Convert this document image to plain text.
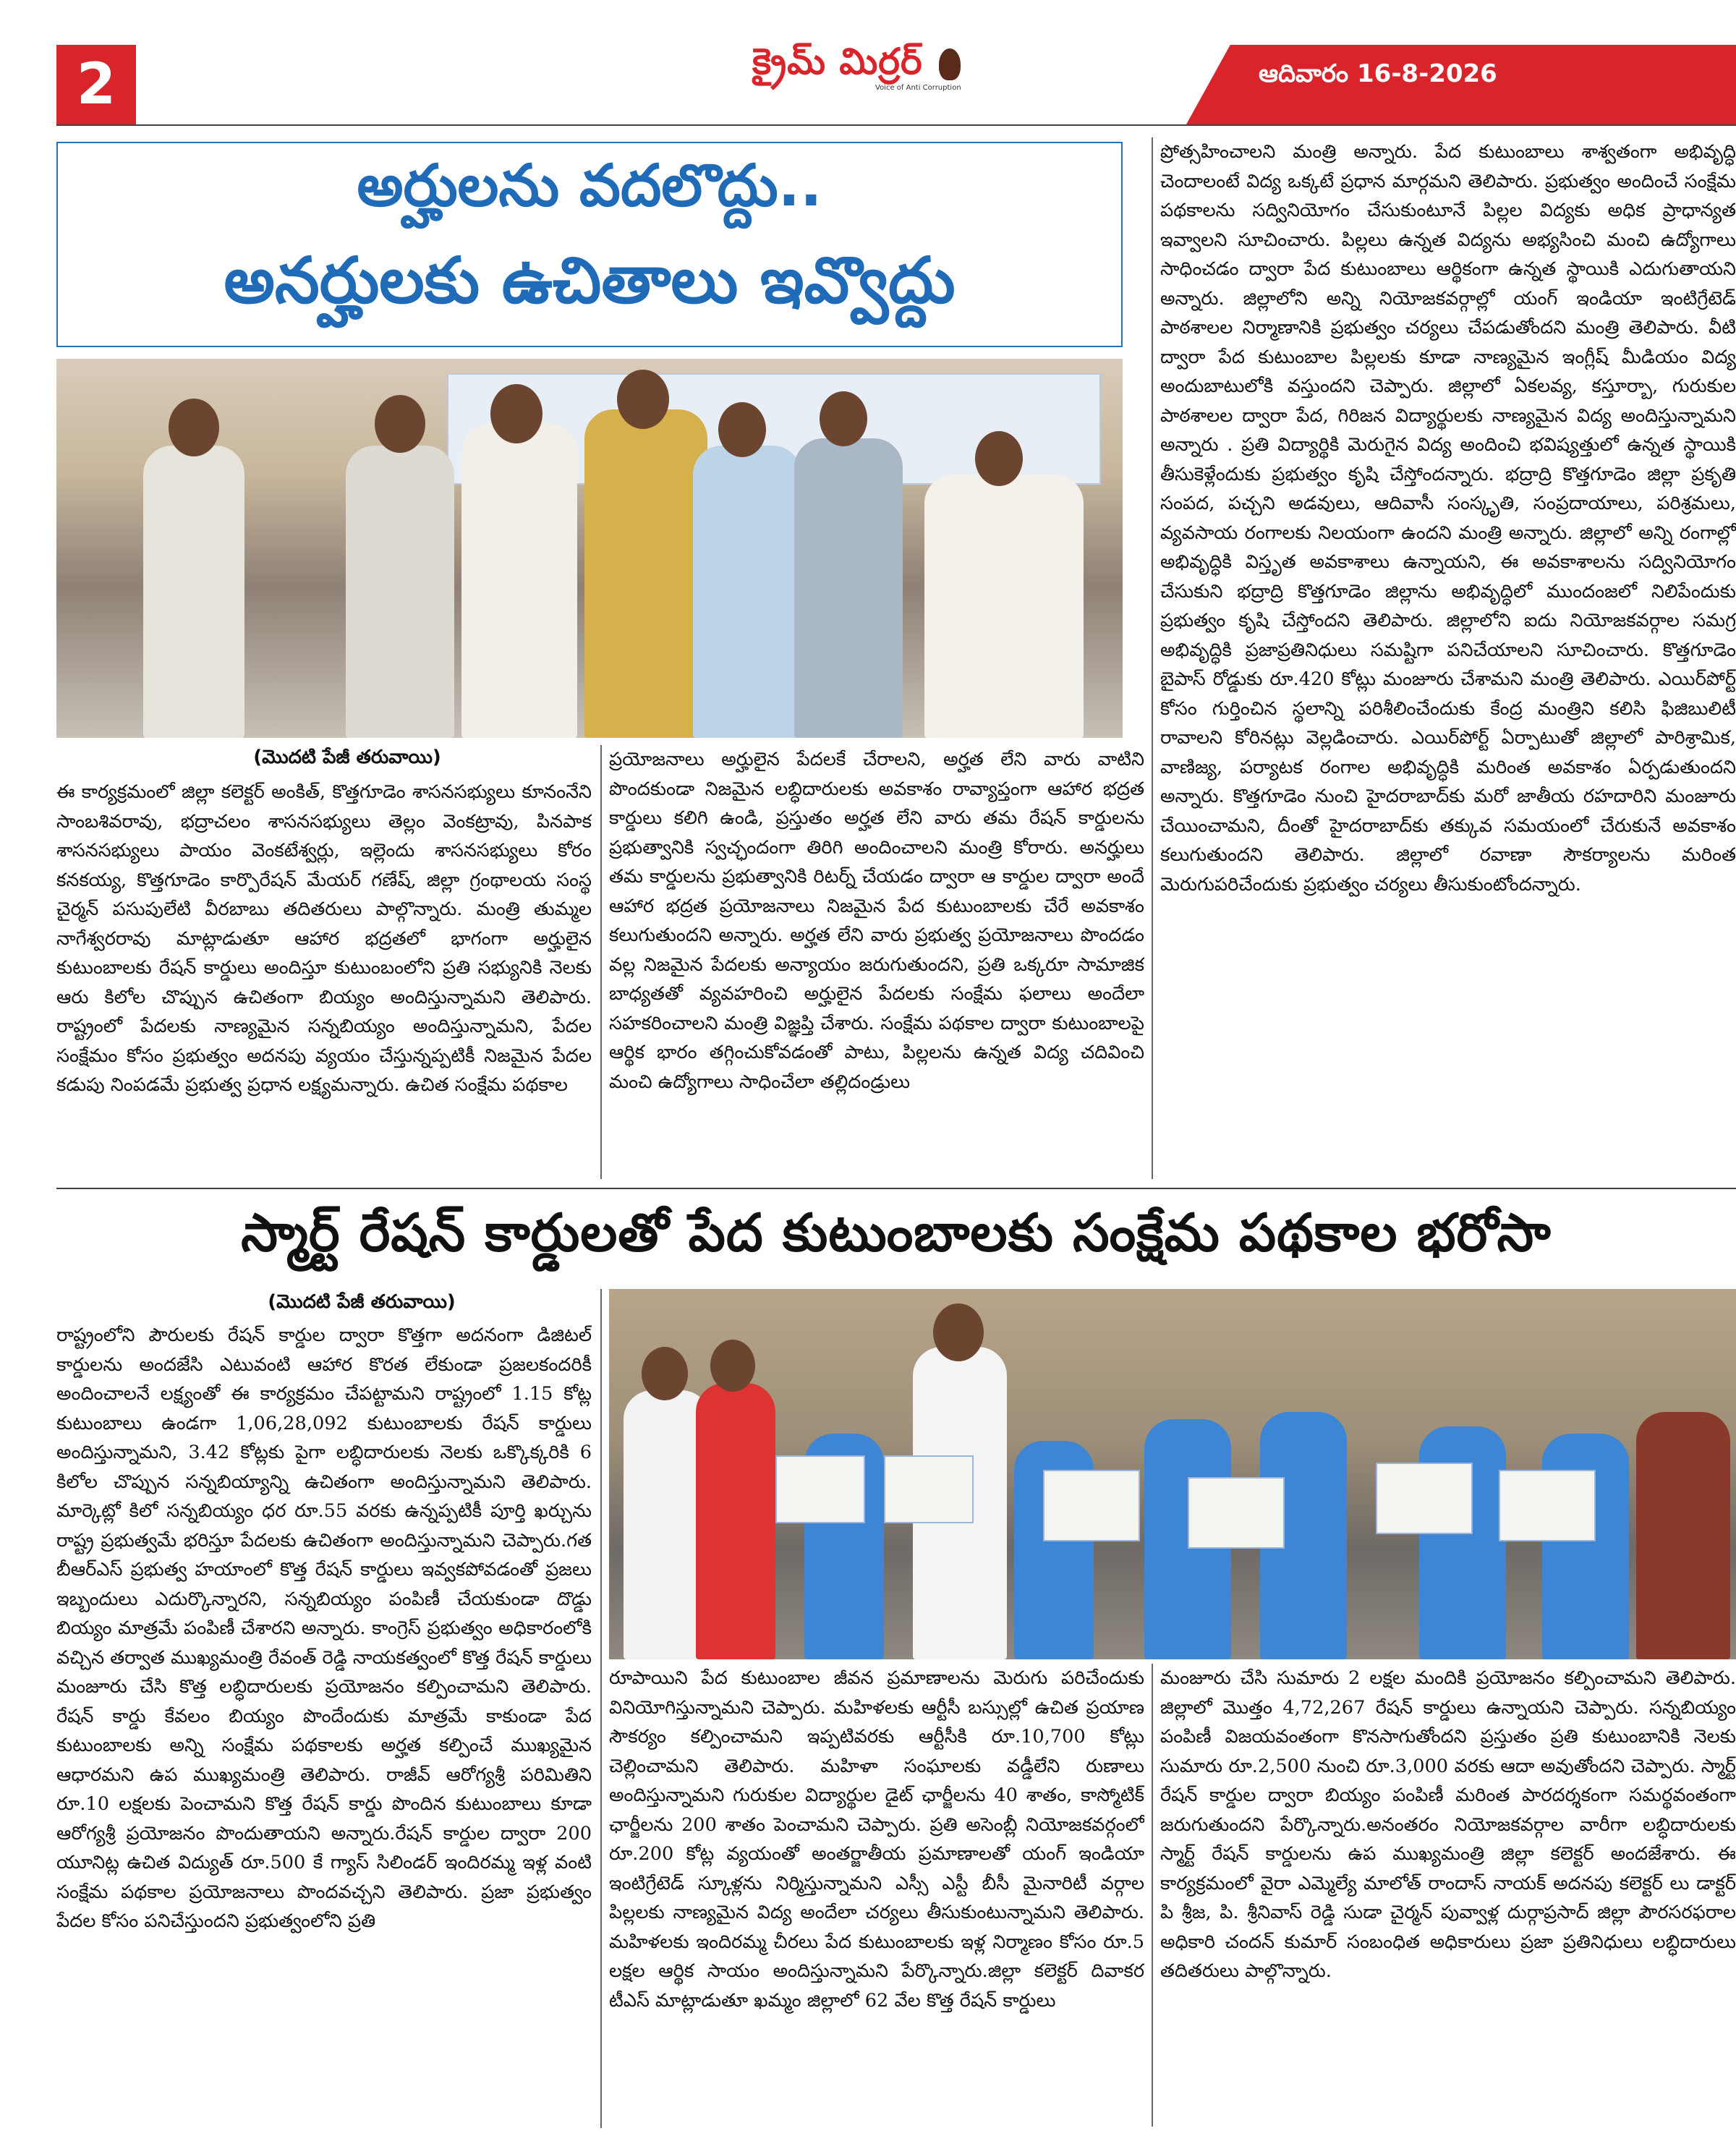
2	క్రైమ్ మిర్రర్
Voice of Anti Corruption	ఆదివారం 16-8-2026
అర్హులను వదలొద్దు..
అనర్హులకు ఉచితాలు ఇవ్వొద్దు
(మొదటి పేజీ తరువాయి)

ఈ కార్యక్రమంలో జిల్లా కలెక్టర్ అంకిత్, కొత్తగూడెం శాసనసభ్యులు కూనంనేని సాంబశివరావు, భద్రాచలం శాసనసభ్యులు తెల్లం వెంకట్రావు, పినపాక శాసనసభ్యులు పాయం వెంకటేశ్వర్లు, ఇల్లెందు శాసనసభ్యులు కోరం కనకయ్య, కొత్తగూడెం కార్పొరేషన్ మేయర్ గణేష్, జిల్లా గ్రంథాలయ సంస్థ చైర్మన్ పసుపులేటి వీరబాబు తదితరులు పాల్గొన్నారు. మంత్రి తుమ్మల నాగేశ్వరరావు మాట్లాడుతూ ఆహార భద్రతలో భాగంగా అర్హులైన కుటుంబాలకు రేషన్ కార్డులు అందిస్తూ కుటుంబంలోని ప్రతి సభ్యునికి నెలకు ఆరు కిలోల చొప్పున ఉచితంగా బియ్యం అందిస్తున్నామని తెలిపారు. రాష్ట్రంలో పేదలకు నాణ్యమైన సన్నబియ్యం అందిస్తున్నామని, పేదల సంక్షేమం కోసం ప్రభుత్వం అదనపు వ్యయం చేస్తున్నప్పటికీ నిజమైన పేదల కడుపు నింపడమే ప్రభుత్వ ప్రధాన లక్ష్యమన్నారు. ఉచిత సంక్షేమ పథకాల

ప్రయోజనాలు అర్హులైన పేదలకే చేరాలని, అర్హత లేని వారు వాటిని పొందకుండా నిజమైన లబ్ధిదారులకు అవకాశం రావ్యాప్తంగా ఆహార భద్రత కార్డులు కలిగి ఉండి, ప్రస్తుతం అర్హత లేని వారు తమ రేషన్ కార్డులను ప్రభుత్వానికి స్వచ్ఛందంగా తిరిగి అందించాలని మంత్రి కోరారు. అనర్హులు తమ కార్డులను ప్రభుత్వానికి రిటర్న్ చేయడం ద్వారా ఆ కార్డుల ద్వారా అందే ఆహార భద్రత ప్రయోజనాలు నిజమైన పేద కుటుంబాలకు చేరే అవకాశం కలుగుతుందని అన్నారు. అర్హత లేని వారు ప్రభుత్వ ప్రయోజనాలు పొందడం వల్ల నిజమైన పేదలకు అన్యాయం జరుగుతుందని, ప్రతి ఒక్కరూ సామాజిక బాధ్యతతో వ్యవహరించి అర్హులైన పేదలకు సంక్షేమ ఫలాలు అందేలా సహకరించాలని మంత్రి విజ్ఞప్తి చేశారు. సంక్షేమ పథకాల ద్వారా కుటుంబాలపై ఆర్థిక భారం తగ్గించుకోవడంతో పాటు, పిల్లలను ఉన్నత విద్య చదివించి మంచి ఉద్యోగాలు సాధించేలా తల్లిదండ్రులు

ప్రోత్సహించాలని మంత్రి అన్నారు. పేద కుటుంబాలు శాశ్వతంగా అభివృద్ధి చెందాలంటే విద్య ఒక్కటే ప్రధాన మార్గమని తెలిపారు. ప్రభుత్వం అందించే సంక్షేమ పథకాలను సద్వినియోగం చేసుకుంటూనే పిల్లల విద్యకు అధిక ప్రాధాన్యత ఇవ్వాలని సూచించారు. పిల్లలు ఉన్నత విద్యను అభ్యసించి మంచి ఉద్యోగాలు సాధించడం ద్వారా పేద కుటుంబాలు ఆర్థికంగా ఉన్నత స్థాయికి ఎదుగుతాయని అన్నారు. జిల్లాలోని అన్ని నియోజకవర్గాల్లో యంగ్ ఇండియా ఇంటిగ్రేటెడ్ పాఠశాలల నిర్మాణానికి ప్రభుత్వం చర్యలు చేపడుతోందని మంత్రి తెలిపారు. వీటి ద్వారా పేద కుటుంబాల పిల్లలకు కూడా నాణ్యమైన ఇంగ్లీష్ మీడియం విద్య అందుబాటులోకి వస్తుందని చెప్పారు. జిల్లాలో ఏకలవ్య, కస్తూర్బా, గురుకుల పాఠశాలల ద్వారా పేద, గిరిజన విద్యార్థులకు నాణ్యమైన విద్య అందిస్తున్నామని అన్నారు . ప్రతి విద్యార్థికి మెరుగైన విద్య అందించి భవిష్యత్తులో ఉన్నత స్థాయికి తీసుకెళ్లేందుకు ప్రభుత్వం కృషి చేస్తోందన్నారు. భద్రాద్రి కొత్తగూడెం జిల్లా ప్రకృతి సంపద, పచ్చని అడవులు, ఆదివాసీ సంస్కృతి, సంప్రదాయాలు, పరిశ్రమలు, వ్యవసాయ రంగాలకు నిలయంగా ఉందని మంత్రి అన్నారు. జిల్లాలో అన్ని రంగాల్లో అభివృద్ధికి విస్తృత అవకాశాలు ఉన్నాయని, ఈ అవకాశాలను సద్వినియోగం చేసుకుని భద్రాద్రి కొత్తగూడెం జిల్లాను అభివృద్ధిలో ముందంజలో నిలిపేందుకు ప్రభుత్వం కృషి చేస్తోందని తెలిపారు. జిల్లాలోని ఐదు నియోజకవర్గాల సమగ్ర అభివృద్ధికి ప్రజాప్రతినిధులు సమష్టిగా పనిచేయాలని సూచించారు. కొత్తగూడెం బైపాస్ రోడ్డుకు రూ.420 కోట్లు మంజూరు చేశామని మంత్రి తెలిపారు. ఎయిర్‌పోర్ట్ కోసం గుర్తించిన స్థలాన్ని పరిశీలించేందుకు కేంద్ర మంత్రిని కలిసి ఫిజిబులిటీ రావాలని కోరినట్లు వెల్లడించారు. ఎయిర్‌పోర్ట్ ఏర్పాటుతో జిల్లాలో పారిశ్రామిక, వాణిజ్య, పర్యాటక రంగాల అభివృద్ధికి మరింత అవకాశం ఏర్పడుతుందని అన్నారు. కొత్తగూడెం నుంచి హైదరాబాద్‌కు మరో జాతీయ రహదారిని మంజూరు చేయించామని, దీంతో హైదరాబాద్‌కు తక్కువ సమయంలో చేరుకునే అవకాశం కలుగుతుందని తెలిపారు. జిల్లాలో రవాణా సౌకర్యాలను మరింత మెరుగుపరిచేందుకు ప్రభుత్వం చర్యలు తీసుకుంటోందన్నారు.

స్మార్ట్ రేషన్ కార్డులతో పేద కుటుంబాలకు సంక్షేమ పథకాల భరోసా
(మొదటి పేజీ తరువాయి)

రాష్ట్రంలోని పౌరులకు రేషన్ కార్డుల ద్వారా కొత్తగా అదనంగా డిజిటల్ కార్డులను అందజేసి ఎటువంటి ఆహార కొరత లేకుండా ప్రజలకందరికీ అందించాలనే లక్ష్యంతో ఈ కార్యక్రమం చేపట్టామని రాష్ట్రంలో 1.15 కోట్ల కుటుంబాలు ఉండగా 1,06,28,092 కుటుంబాలకు రేషన్ కార్డులు అందిస్తున్నామని, 3.42 కోట్లకు పైగా లబ్ధిదారులకు నెలకు ఒక్కొక్కరికి 6 కిలోల చొప్పున సన్నబియ్యాన్ని ఉచితంగా అందిస్తున్నామని తెలిపారు. మార్కెట్లో కిలో సన్నబియ్యం ధర రూ.55 వరకు ఉన్నప్పటికీ పూర్తి ఖర్చును రాష్ట్ర ప్రభుత్వమే భరిస్తూ పేదలకు ఉచితంగా అందిస్తున్నామని చెప్పారు.గత బీఆర్ఎస్ ప్రభుత్వ హయాంలో కొత్త రేషన్ కార్డులు ఇవ్వకపోవడంతో ప్రజలు ఇబ్బందులు ఎదుర్కొన్నారని, సన్నబియ్యం పంపిణీ చేయకుండా దొడ్డు బియ్యం మాత్రమే పంపిణీ చేశారని అన్నారు. కాంగ్రెస్ ప్రభుత్వం అధికారంలోకి వచ్చిన తర్వాత ముఖ్యమంత్రి రేవంత్ రెడ్డి నాయకత్వంలో కొత్త రేషన్ కార్డులు మంజూరు చేసి కొత్త లబ్ధిదారులకు ప్రయోజనం కల్పించామని తెలిపారు. రేషన్ కార్డు కేవలం బియ్యం పొందేందుకు మాత్రమే కాకుండా పేద కుటుంబాలకు అన్ని సంక్షేమ పథకాలకు అర్హత కల్పించే ముఖ్యమైన ఆధారమని ఉప ముఖ్యమంత్రి తెలిపారు. రాజీవ్ ఆరోగ్యశ్రీ పరిమితిని రూ.10 లక్షలకు పెంచామని కొత్త రేషన్ కార్డు పొందిన కుటుంబాలు కూడా ఆరోగ్యశ్రీ ప్రయోజనం పొందుతాయని అన్నారు.రేషన్ కార్డుల ద్వారా 200 యూనిట్ల ఉచిత విద్యుత్ రూ.500 కే గ్యాస్ సిలిండర్ ఇందిరమ్మ ఇళ్ల వంటి సంక్షేమ పథకాల ప్రయోజనాలు పొందవచ్చని తెలిపారు. ప్రజా ప్రభుత్వం పేదల కోసం పనిచేస్తుందని ప్రభుత్వంలోని ప్రతి

రూపాయిని పేద కుటుంబాల జీవన ప్రమాణాలను మెరుగు పరిచేందుకు వినియోగిస్తున్నామని చెప్పారు. మహిళలకు ఆర్టీసీ బస్సుల్లో ఉచిత ప్రయాణ సౌకర్యం కల్పించామని ఇప్పటివరకు ఆర్టీసీకి రూ.10,700 కోట్లు చెల్లించామని తెలిపారు. మహిళా సంఘాలకు వడ్డీలేని రుణాలు అందిస్తున్నామని గురుకుల విద్యార్థుల డైట్ ఛార్జీలను 40 శాతం, కాస్మోటిక్ ఛార్జీలను 200 శాతం పెంచామని చెప్పారు. ప్రతి అసెంబ్లీ నియోజకవర్గంలో రూ.200 కోట్ల వ్యయంతో అంతర్జాతీయ ప్రమాణాలతో యంగ్ ఇండియా ఇంటిగ్రేటెడ్ స్కూళ్లను నిర్మిస్తున్నామని ఎస్సీ ఎస్టీ బీసీ మైనారిటీ వర్గాల పిల్లలకు నాణ్యమైన విద్య అందేలా చర్యలు తీసుకుంటున్నామని తెలిపారు. మహిళలకు ఇందిరమ్మ చీరలు పేద కుటుంబాలకు ఇళ్ల నిర్మాణం కోసం రూ.5 లక్షల ఆర్థిక సాయం అందిస్తున్నామని పేర్కొన్నారు.జిల్లా కలెక్టర్ దివాకర టీఎస్ మాట్లాడుతూ ఖమ్మం జిల్లాలో 62 వేల కొత్త రేషన్ కార్డులు

మంజూరు చేసి సుమారు 2 లక్షల మందికి ప్రయోజనం కల్పించామని తెలిపారు. జిల్లాలో మొత్తం 4,72,267 రేషన్ కార్డులు ఉన్నాయని చెప్పారు. సన్నబియ్యం పంపిణీ విజయవంతంగా కొనసాగుతోందని ప్రస్తుతం ప్రతి కుటుంబానికి నెలకు సుమారు రూ.2,500 నుంచి రూ.3,000 వరకు ఆదా అవుతోందని చెప్పారు. స్మార్ట్ రేషన్ కార్డుల ద్వారా బియ్యం పంపిణీ మరింత పారదర్శకంగా సమర్థవంతంగా జరుగుతుందని పేర్కొన్నారు.అనంతరం నియోజకవర్గాల వారీగా లబ్ధిదారులకు స్మార్ట్ రేషన్ కార్డులను ఉప ముఖ్యమంత్రి జిల్లా కలెక్టర్ అందజేశారు. ఈ కార్యక్రమంలో వైరా ఎమ్మెల్యే మాలోత్ రాందాస్ నాయక్ అదనపు కలెక్టర్ లు డాక్టర్ పి శ్రీజ, పి. శ్రీనివాస్ రెడ్డి సుడా చైర్మన్ పువ్వాళ్ల దుర్గాప్రసాద్ జిల్లా పౌరసరఫరాల అధికారి చందన్ కుమార్ సంబంధిత అధికారులు ప్రజా ప్రతినిధులు లబ్ధిదారులు తదితరులు పాల్గొన్నారు.
